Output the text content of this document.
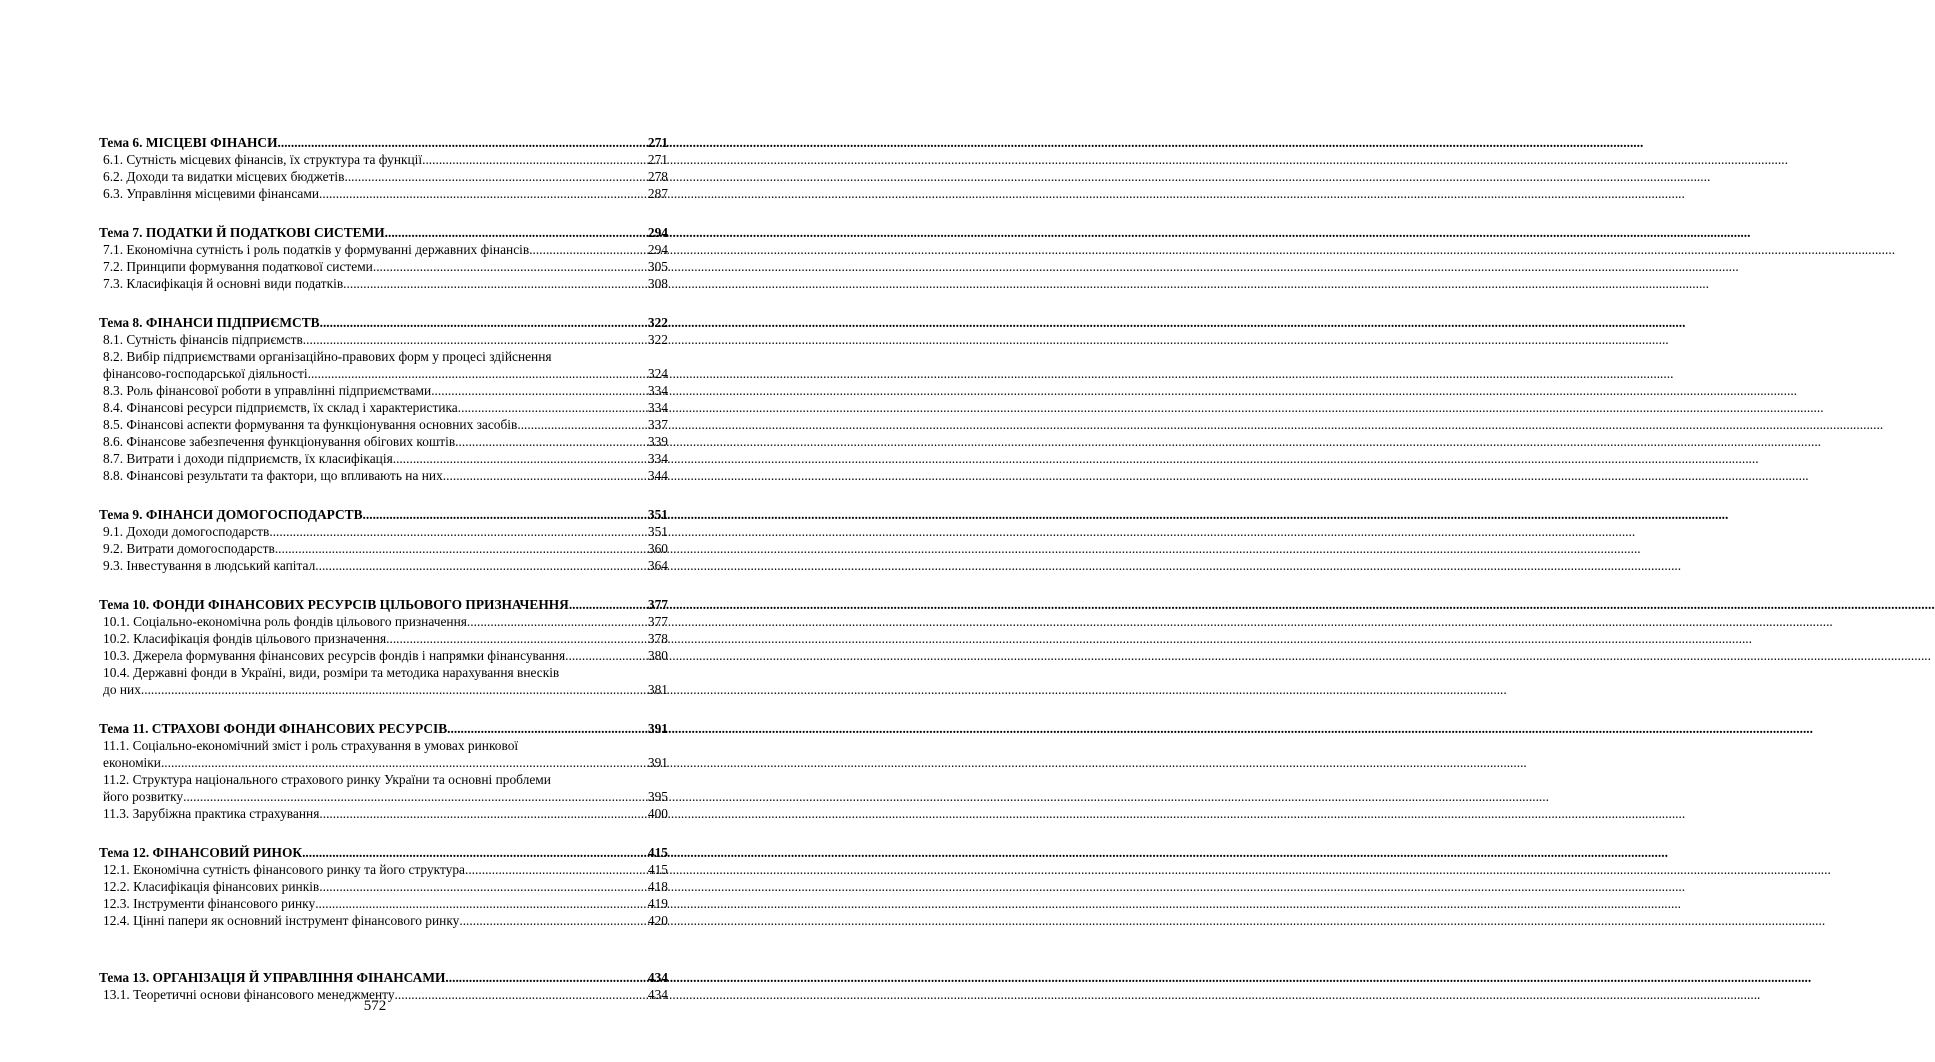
Тема 6. МІСЦЕВІ ФІНАНСИ .....	271
6.1. Сутність місцевих фінансів, їх структура та функції .....	271
6.2. Доходи та видатки місцевих бюджетів .....	278
6.3. Управління місцевими фінансами .....	287
Тема 7. ПОДАТКИ Й ПОДАТКОВІ СИСТЕМИ .....	294
7.1. Економічна сутність і роль податків у формуванні державних фінансів .....	294
7.2. Принципи формування податкової системи .....	305
7.3. Класифікація й основні види податків .....	308
Тема 8. ФІНАНСИ ПІДПРИЄМСТВ .....	322
8.1. Сутність фінансів підприємств .....	322
8.2. Вибір підприємствами організаційно-правових форм у процесі здійснення
фінансово-господарської діяльності .....	324
8.3. Роль фінансової роботи в управлінні підприємствами .....	334
8.4. Фінансові ресурси підприємств, їх склад і характеристика .....	334
8.5. Фінансові аспекти формування та функціонування основних засобів .....	337
8.6. Фінансове забезпечення функціонування обігових коштів .....	339
8.7. Витрати і доходи підприємств, їх класифікація .....	334
8.8. Фінансові результати та фактори, що впливають на них .....	344
Тема 9. ФІНАНСИ ДОМОГОСПОДАРСТВ .....	351
9.1. Доходи домогосподарств .....	351
9.2. Витрати домогосподарств .....	360
9.3. Інвестування в людський капітал .....	364
Тема 10. ФОНДИ ФІНАНСОВИХ РЕСУРСІВ ЦІЛЬОВОГО ПРИЗНАЧЕННЯ .....	377
10.1. Соціально-економічна роль фондів цільового призначення .....	377
10.2. Класифікація фондів цільового призначення .....	378
10.3. Джерела формування фінансових ресурсів фондів і напрямки фінансування .....	380
10.4. Державні фонди в Україні, види, розміри та методика нарахування внесків
до них .....	381
Тема 11. СТРАХОВІ ФОНДИ ФІНАНСОВИХ РЕСУРСІВ .....	391
11.1. Соціально-економічний зміст і роль страхування в умовах ринкової
економіки .....	391
11.2. Структура національного страхового ринку України та основні проблеми
його розвитку .....	395
11.3. Зарубіжна практика страхування .....	400
Тема 12. ФІНАНСОВИЙ РИНОК .....	415
12.1. Економічна сутність фінансового ринку та його структура .....	415
12.2. Класифікація фінансових ринків .....	418
12.3. Інструменти фінансового ринку .....	419
12.4. Цінні папери як основний інструмент фінансового ринку .....	420
Тема 13. ОРГАНІЗАЦІЯ Й УПРАВЛІННЯ ФІНАНСАМИ .....	434
13.1. Теоретичні основи фінансового менеджменту .....	434
572
